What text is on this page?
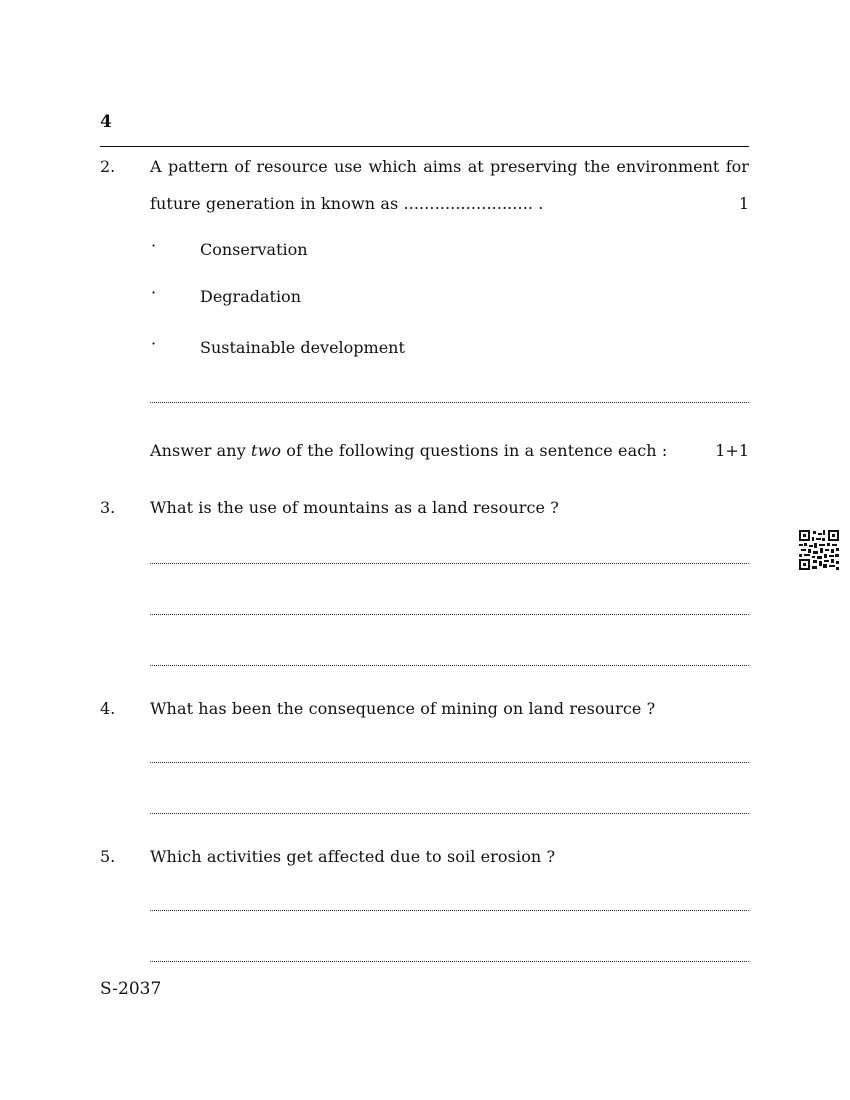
4
2. A pattern of resource use which aims at preserving the environment for
future generation in known as ......................... .	1
·	Conservation
·	Degradation
·	Sustainable development
Answer any two of the following questions in a sentence each :	1+1
3. What is the use of mountains as a land resource ?
4. What has been the consequence of mining on land resource ?
5. Which activities get affected due to soil erosion ?
S-2037
